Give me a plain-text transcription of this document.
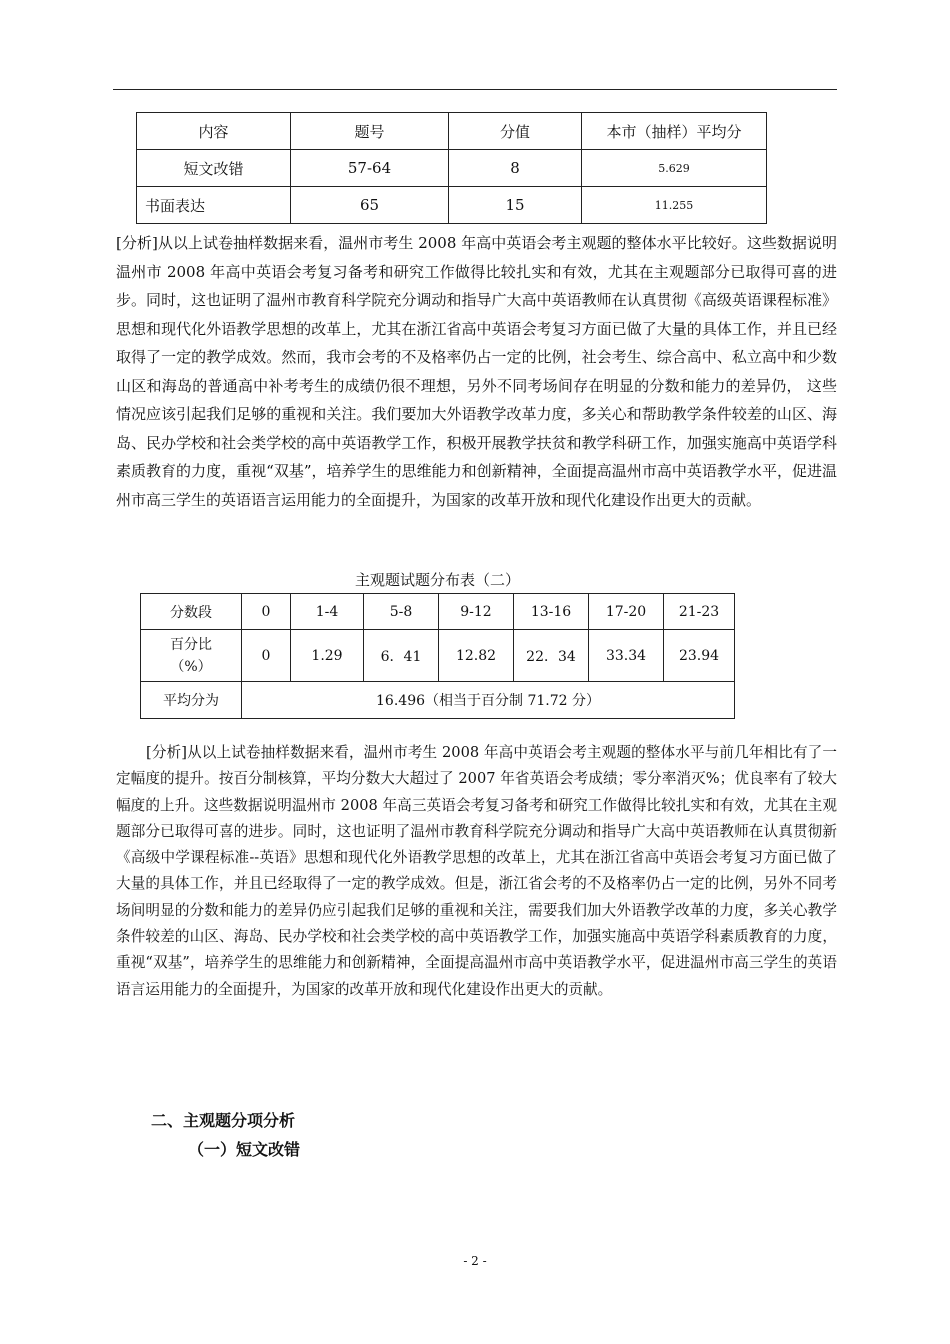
内容	题号	分值	本市（抽样）平均分
短文改错	57-64	8	5.629
书面表达	65	15	11.255

[分析]从以上试卷抽样数据来看，温州市考生 2008 年高中英语会考主观题的整体水平比较好。这些数据说明温州市 2008 年高中英语会考复习备考和研究工作做得比较扎实和有效，尤其在主观题部分已取得可喜的进步。同时，这也证明了温州市教育科学院充分调动和指导广大高中英语教师在认真贯彻《高级英语课程标准》思想和现代化外语教学思想的改革上，尤其在浙江省高中英语会考复习方面已做了大量的具体工作，并且已经取得了一定的教学成效。然而，我市会考的不及格率仍占一定的比例，社会考生、综合高中、私立高中和少数山区和海岛的普通高中补考考生的成绩仍很不理想，另外不同考场间存在明显的分数和能力的差异仍， 这些情况应该引起我们足够的重视和关注。我们要加大外语教学改革力度，多关心和帮助教学条件较差的山区、海岛、民办学校和社会类学校的高中英语教学工作，积极开展教学扶贫和教学科研工作，加强实施高中英语学科素质教育的力度，重视“双基”，培养学生的思维能力和创新精神，全面提高温州市高中英语教学水平，促进温州市高三学生的英语语言运用能力的全面提升，为国家的改革开放和现代化建设作出更大的贡献。

主观题试题分布表（二）

分数段	0	1-4	5-8	9-12	13-16	17-20	21-23
百分比（%）	0	1.29	6．41	12.82	22．34	33.34	23.94
平均分为	16.496（相当于百分制 71.72 分）						

[分析]从以上试卷抽样数据来看，温州市考生 2008 年高中英语会考主观题的整体水平与前几年相比有了一定幅度的提升。按百分制核算，平均分数大大超过了 2007 年省英语会考成绩；零分率消灭%；优良率有了较大幅度的上升。这些数据说明温州市 2008 年高三英语会考复习备考和研究工作做得比较扎实和有效，尤其在主观题部分已取得可喜的进步。同时，这也证明了温州市教育科学院充分调动和指导广大高中英语教师在认真贯彻新《高级中学课程标准--英语》思想和现代化外语教学思想的改革上，尤其在浙江省高中英语会考复习方面已做了大量的具体工作，并且已经取得了一定的教学成效。但是，浙江省会考的不及格率仍占一定的比例，另外不同考场间明显的分数和能力的差异仍应引起我们足够的重视和关注，需要我们加大外语教学改革的力度，多关心教学条件较差的山区、海岛、民办学校和社会类学校的高中英语教学工作，加强实施高中英语学科素质教育的力度，重视“双基”，培养学生的思维能力和创新精神，全面提高温州市高中英语教学水平，促进温州市高三学生的英语语言运用能力的全面提升，为国家的改革开放和现代化建设作出更大的贡献。

二、主观题分项分析

（一）短文改错

- 2 -
